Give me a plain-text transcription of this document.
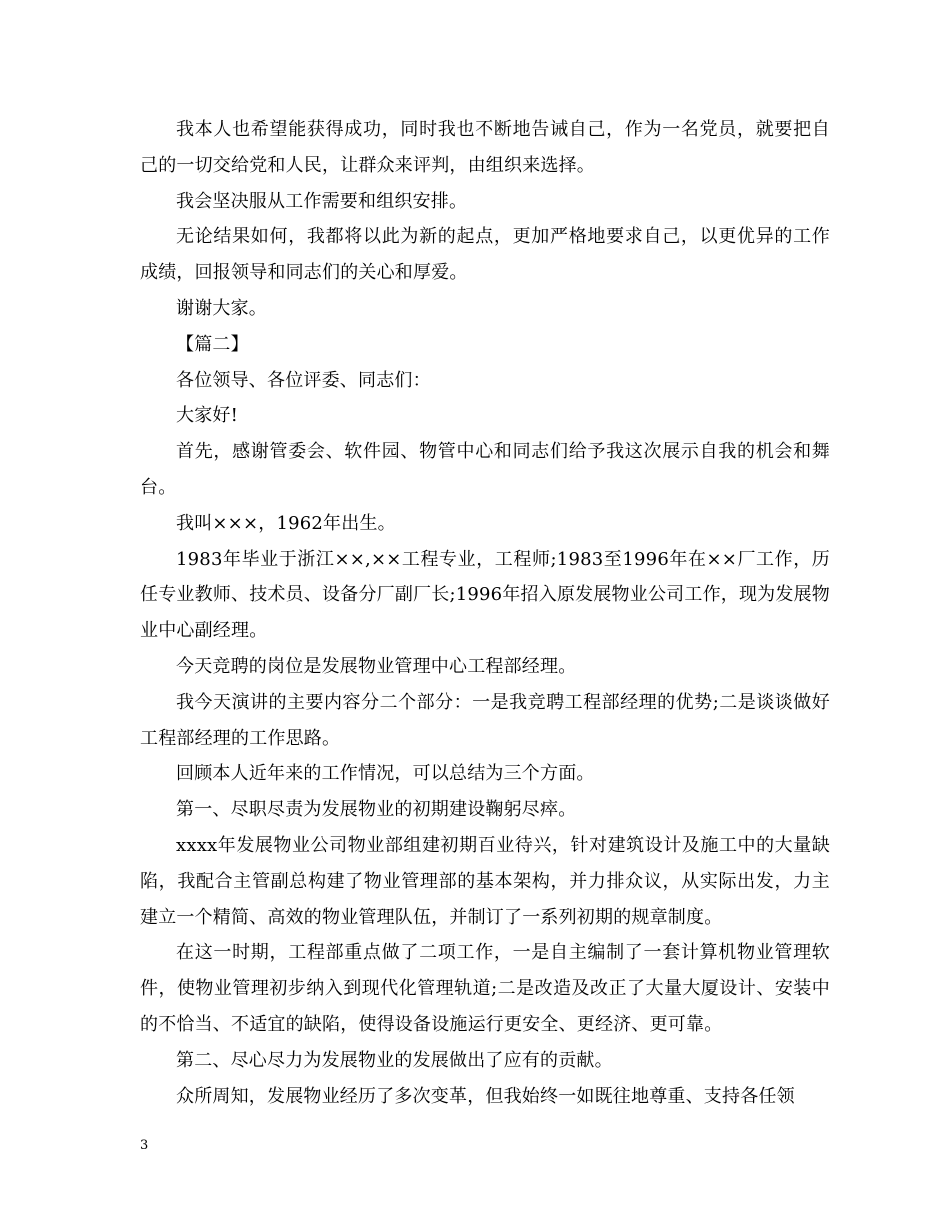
我本人也希望能获得成功，同时我也不断地告诫自己，作为一名党员，就要把自己的一切交给党和人民，让群众来评判，由组织来选择。

我会坚决服从工作需要和组织安排。

无论结果如何，我都将以此为新的起点，更加严格地要求自己，以更优异的工作成绩，回报领导和同志们的关心和厚爱。

谢谢大家。

【篇二】

各位领导、各位评委、同志们：

大家好!

首先，感谢管委会、软件园、物管中心和同志们给予我这次展示自我的机会和舞台。

我叫×××，1962年出生。

1983年毕业于浙江××,××工程专业，工程师;1983至1996年在××厂工作，历任专业教师、技术员、设备分厂副厂长;1996年招入原发展物业公司工作，现为发展物业中心副经理。

今天竞聘的岗位是发展物业管理中心工程部经理。

我今天演讲的主要内容分二个部分：一是我竞聘工程部经理的优势;二是谈谈做好工程部经理的工作思路。

回顾本人近年来的工作情况，可以总结为三个方面。

第一、尽职尽责为发展物业的初期建设鞠躬尽瘁。

xxxx年发展物业公司物业部组建初期百业待兴，针对建筑设计及施工中的大量缺陷，我配合主管副总构建了物业管理部的基本架构，并力排众议，从实际出发，力主建立一个精简、高效的物业管理队伍，并制订了一系列初期的规章制度。

在这一时期，工程部重点做了二项工作，一是自主编制了一套计算机物业管理软件，使物业管理初步纳入到现代化管理轨道;二是改造及改正了大量大厦设计、安装中的不恰当、不适宜的缺陷，使得设备设施运行更安全、更经济、更可靠。

第二、尽心尽力为发展物业的发展做出了应有的贡献。

众所周知，发展物业经历了多次变革，但我始终一如既往地尊重、支持各任领

3
